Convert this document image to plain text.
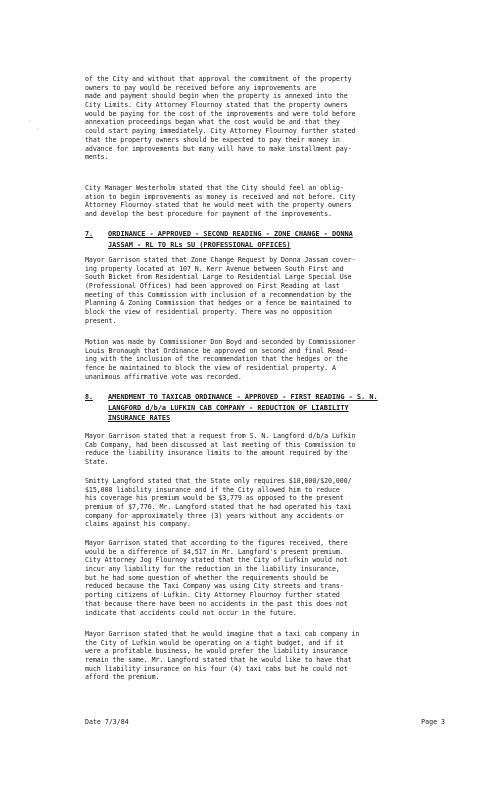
·
·
of the City and without that approval the commitment of the property
owners to pay would be received before any improvements are
made and payment should begin when the property is annexed into the
City Limits. City Attorney Flournoy stated that the property owners
would be paying for the cost of the improvements and were told before
annexation proceedings began what the cost would be and that they
could start paying immediately. City Attorney Flournoy further stated
that the property owners should be expected to pay their money in
advance for improvements but many will have to make installment pay-
ments.
City Manager Westerholm stated that the City should feel an oblig-
ation to begin improvements as money is received and not before. City
Attorney Flournoy stated that he would meet with the property owners
and develop the best procedure for payment of the improvements.
7.	ORDINANCE - APPROVED - SECOND READING - ZONE CHANGE - DONNA
JASSAM - RL TO RLs SU (PROFESSIONAL OFFICES)
Mayor Garrison stated that Zone Change Request by Donna Jassam cover-
ing property located at 107 N. Kerr Avenue between South First and
South Bicket from Residential Large to Residential Large Special Use
(Professional Offices) had been approved on First Reading at last
meeting of this Commission with inclusion of a recommendation by the
Planning & Zoning Commission that hedges or a fence be maintained to
block the view of residential property. There was no opposition
present.
Motion was made by Commissioner Don Boyd and seconded by Commissioner
Louis Bronaugh that Ordinance be approved on second and final Read-
ing with the inclusion of the recommendation that the hedges or the
fence be maintained to block the view of residential property. A
unanimous affirmative vote was recorded.
8.	AMENDMENT TO TAXICAB ORDINANCE - APPROVED - FIRST READING - S. N.
LANGFORD d/b/a LUFKIN CAB COMPANY - REDUCTION OF LIABILITY
INSURANCE RATES
Mayor Garrison stated that a request from S. N. Langford d/b/a Lufkin
Cab Company, had been discussed at last meeting of this Commission to
reduce the liability insurance limits to the amount required by the
State.
Smitty Langford stated that the State only requires $10,000/$20,000/
$15,000 liability insurance and if the City allowed him to reduce
his coverage his premium would be $3,779 as opposed to the present
premium of $7,776. Mr. Langford stated that he had operated his taxi
company for approximately three (3) years without any accidents or
claims against his company.
Mayor Garrison stated that according to the figures received, there
would be a difference of $4,517 in Mr. Langford's present premium.
City Attorney Jog Flournoy stated that the City of Lufkin would not
incur any liability for the reduction in the liability insurance,
but he had some question of whether the requirements should be
reduced because the Taxi Company was using City streets and trans-
porting citizens of Lufkin. City Attorney Flournoy further stated
that because there have been no accidents in the past this does not
indicate that accidents could not occur in the future.
Mayor Garrison stated that he would imagine that a taxi cab company in
the City of Lufkin would be operating on a tight budget, and if it
were a profitable business, he would prefer the liability insurance
remain the same. Mr. Langford stated that he would like to have that
much liability insurance on his four (4) taxi cabs but he could not
afford the premium.
Date 7/3/84	Page 3
